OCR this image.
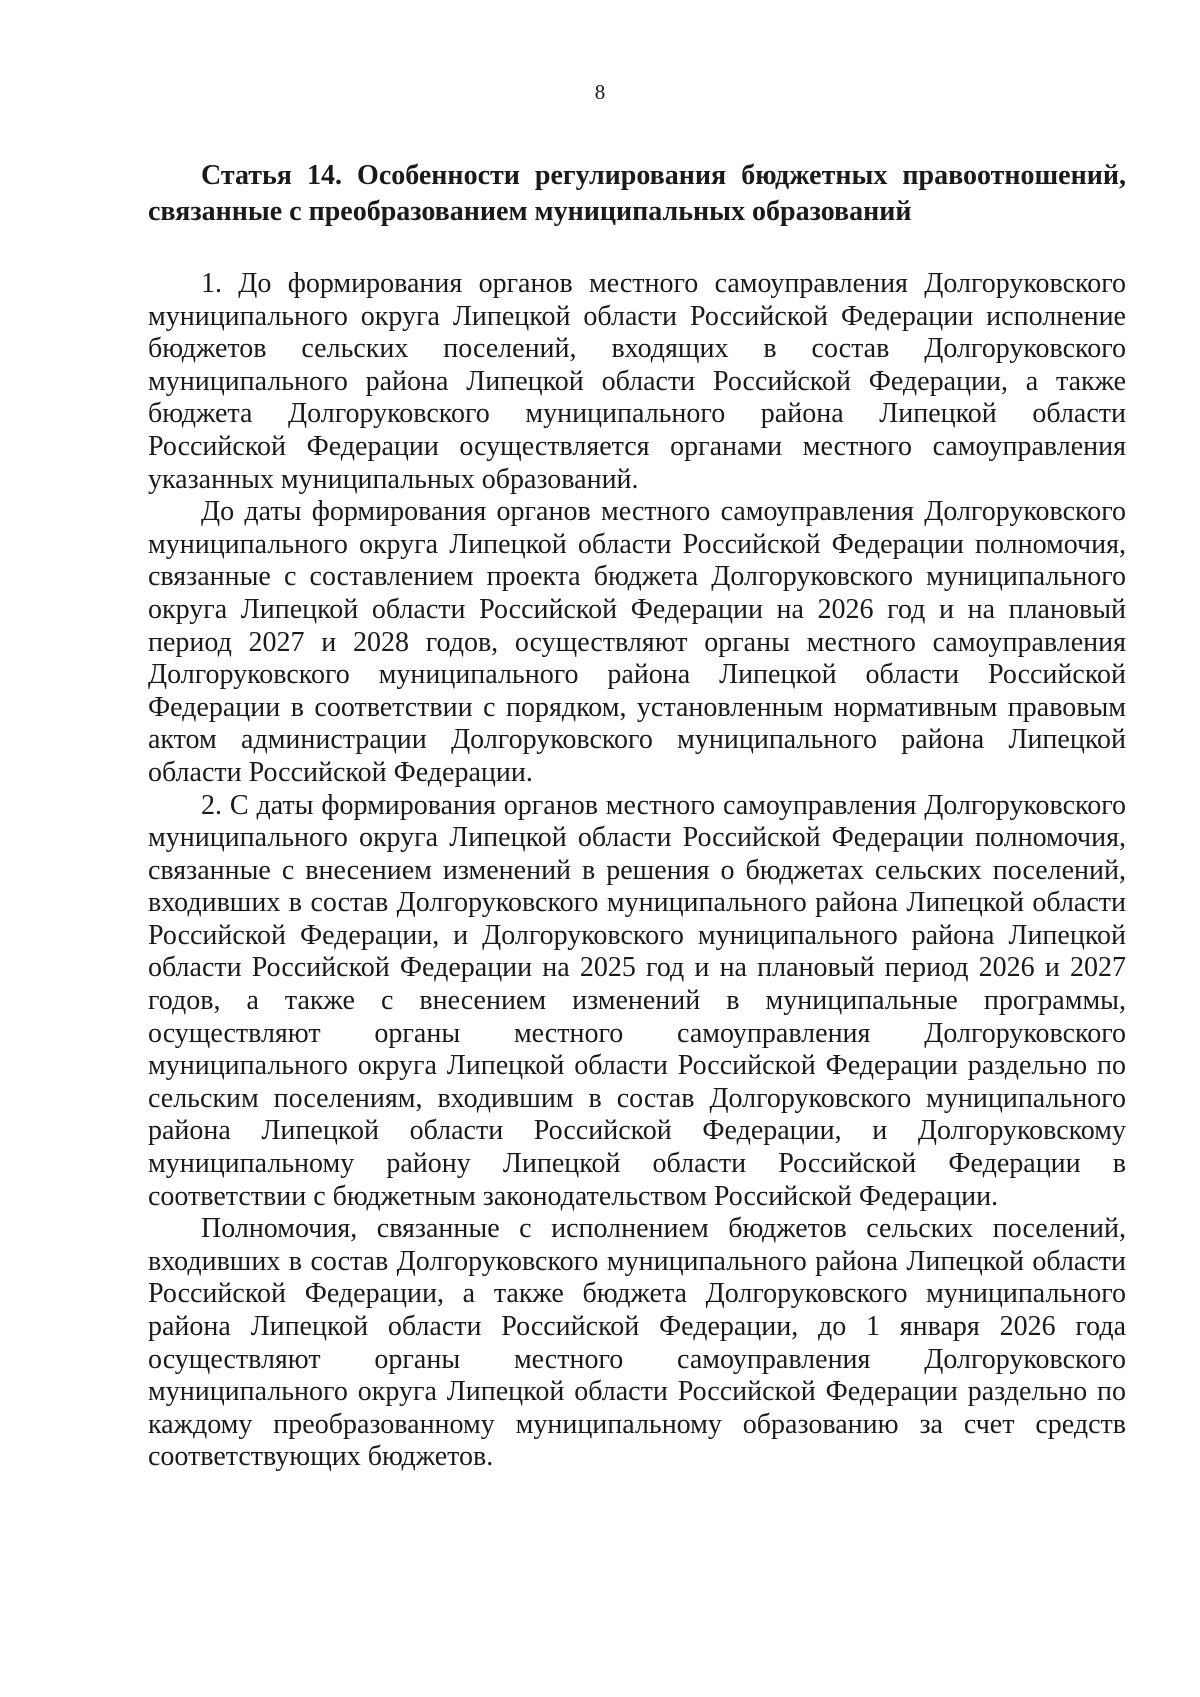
8
Статья 14. Особенности регулирования бюджетных правоотношений, связанные с преобразованием муниципальных образований

1. До формирования органов местного самоуправления Долгоруковского муниципального округа Липецкой области Российской Федерации исполнение бюджетов сельских поселений, входящих в состав Долгоруковского муниципального района Липецкой области Российской Федерации, а также бюджета Долгоруковского муниципального района Липецкой области Российской Федерации осуществляется органами местного самоуправления указанных муниципальных образований.

До даты формирования органов местного самоуправления Долгоруковского муниципального округа Липецкой области Российской Федерации полномочия, связанные с составлением проекта бюджета Долгоруковского муниципального округа Липецкой области Российской Федерации на 2026 год и на плановый период 2027 и 2028 годов, осуществляют органы местного самоуправления Долгоруковского муниципального района Липецкой области Российской Федерации в соответствии с порядком, установленным нормативным правовым актом администрации Долгоруковского муниципального района Липецкой области Российской Федерации.

2. С даты формирования органов местного самоуправления Долгоруковского муниципального округа Липецкой области Российской Федерации полномочия, связанные с внесением изменений в решения о бюджетах сельских поселений, входивших в состав Долгоруковского муниципального района Липецкой области Российской Федерации, и Долгоруковского муниципального района Липецкой области Российской Федерации на 2025 год и на плановый период 2026 и 2027 годов, а также с внесением изменений в муниципальные программы, осуществляют органы местного самоуправления Долгоруковского муниципального округа Липецкой области Российской Федерации раздельно по сельским поселениям, входившим в состав Долгоруковского муниципального района Липецкой области Российской Федерации, и Долгоруковскому муниципальному району Липецкой области Российской Федерации в соответствии с бюджетным законодательством Российской Федерации.

Полномочия, связанные с исполнением бюджетов сельских поселений, входивших в состав Долгоруковского муниципального района Липецкой области Российской Федерации, а также бюджета Долгоруковского муниципального района Липецкой области Российской Федерации, до 1 января 2026 года осуществляют органы местного самоуправления Долгоруковского муниципального округа Липецкой области Российской Федерации раздельно по каждому преобразованному муниципальному образованию за счет средств соответствующих бюджетов.
